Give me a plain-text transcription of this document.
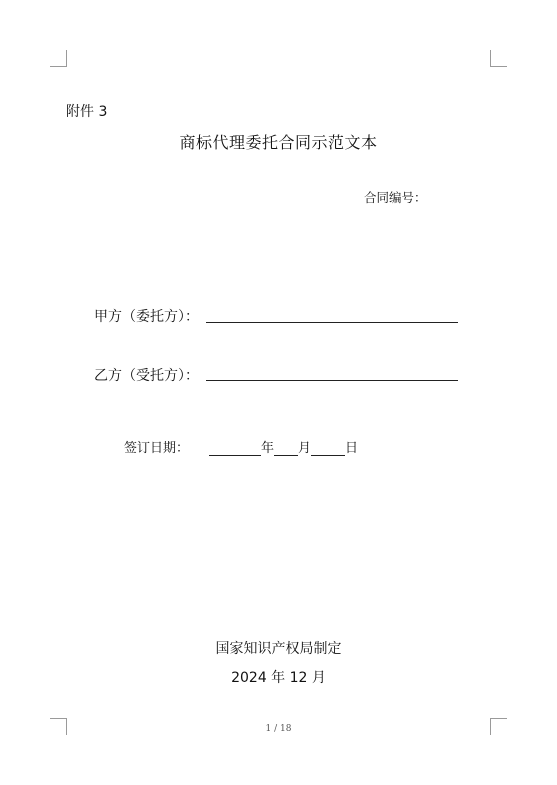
附件 3
商标代理委托合同示范文本
合同编号：
甲方（委托方）：
乙方（受托方）：
签订日期：	年 月	日
国家知识产权局制定
2024 年 12 月
1 / 18
